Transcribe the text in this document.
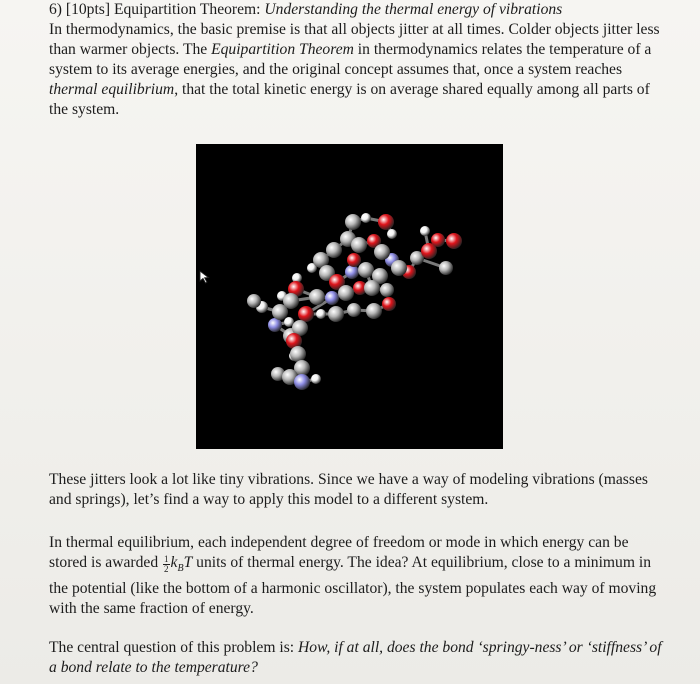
6) [10pts] Equipartition Theorem: Understanding the thermal energy of vibrations
In thermodynamics, the basic premise is that all objects jitter at all times. Colder objects jitter less than warmer objects. The Equipartition Theorem in thermodynamics relates the temperature of a system to its average energies, and the original concept assumes that, once a system reaches thermal equilibrium, that the total kinetic energy is on average shared equally among all parts of the system.
These jitters look a lot like tiny vibrations. Since we have a way of modeling vibrations (masses and springs), let’s find a way to apply this model to a different system.
In thermal equilibrium, each independent degree of freedom or mode in which energy can be stored is awarded $\frac{1}{2} k_BT$ units of thermal energy. The idea? At equilibrium, close to a minimum in the potential (like the bottom of a harmonic oscillator), the system populates each way of moving with the same fraction of energy.
The central question of this problem is: How, if at all, does the bond ‘springy-ness’ or ‘stiffness’ of a bond relate to the temperature?
